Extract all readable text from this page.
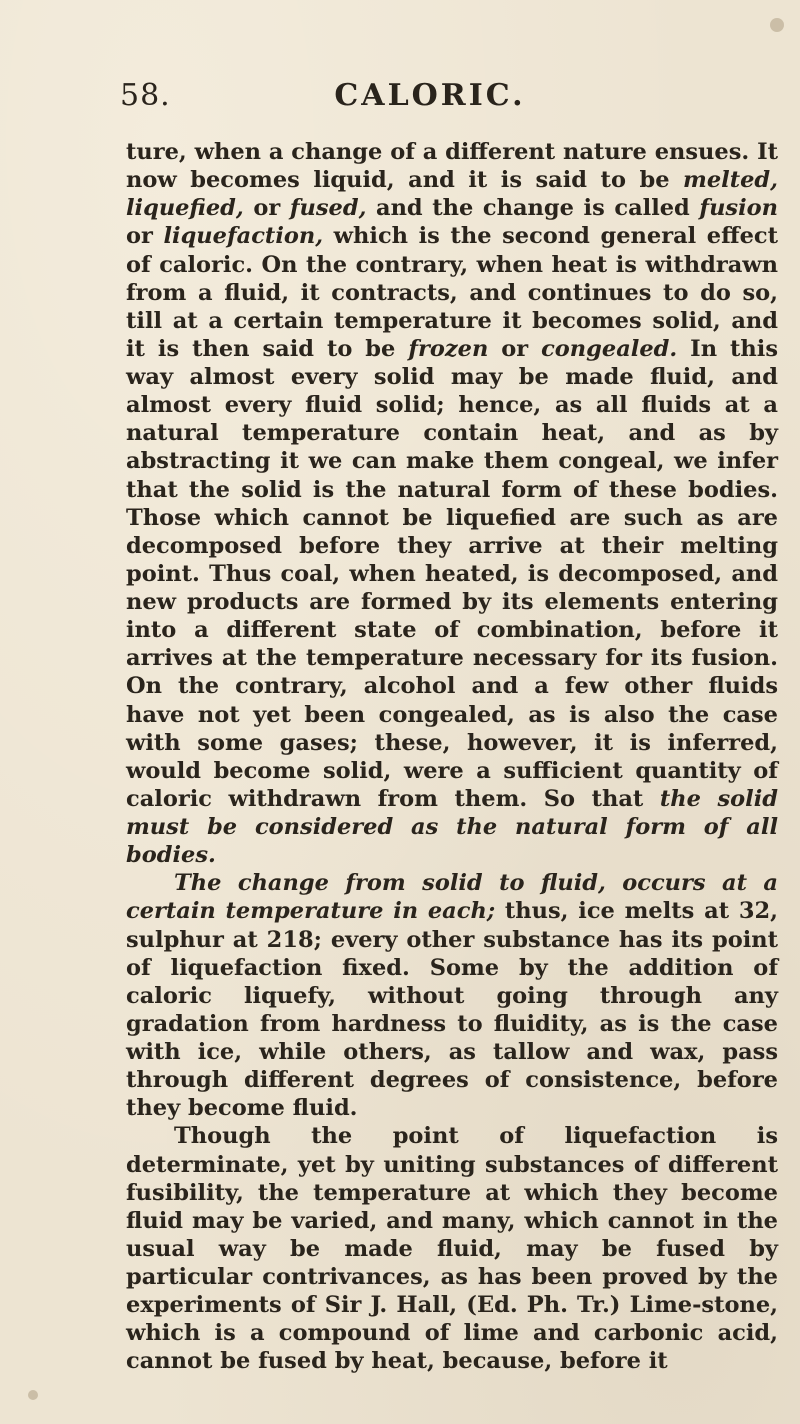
58.	CALORIC.

ture, when a change of a different nature ensues. It now becomes liquid, and it is said to be melted, liquefied, or fused, and the change is called fusion or liquefaction, which is the second general effect of caloric. On the contrary, when heat is withdrawn from a fluid, it contracts, and continues to do so, till at a certain temperature it becomes solid, and it is then said to be frozen or congealed. In this way almost every solid may be made fluid, and almost every fluid solid; hence, as all fluids at a natural temperature contain heat, and as by abstracting it we can make them congeal, we infer that the solid is the natural form of these bodies. Those which cannot be liquefied are such as are decomposed before they arrive at their melting point. Thus coal, when heated, is decomposed, and new products are formed by its elements entering into a different state of combination, before it arrives at the temperature necessary for its fusion. On the contrary, alcohol and a few other fluids have not yet been congealed, as is also the case with some gases; these, however, it is inferred, would become solid, were a sufficient quantity of caloric withdrawn from them. So that the solid must be considered as the natural form of all bodies.

The change from solid to fluid, occurs at a certain temperature in each; thus, ice melts at 32, sulphur at 218; every other substance has its point of liquefaction fixed. Some by the addition of caloric liquefy, without going through any gradation from hardness to fluidity, as is the case with ice, while others, as tallow and wax, pass through different degrees of consistence, before they become fluid.

Though the point of liquefaction is determinate, yet by uniting substances of different fusibility, the temperature at which they become fluid may be varied, and many, which cannot in the usual way be made fluid, may be fused by particular contrivances, as has been proved by the experiments of Sir J. Hall, (Ed. Ph. Tr.) Lime-stone, which is a compound of lime and carbonic acid, cannot be fused by heat, because, before it
